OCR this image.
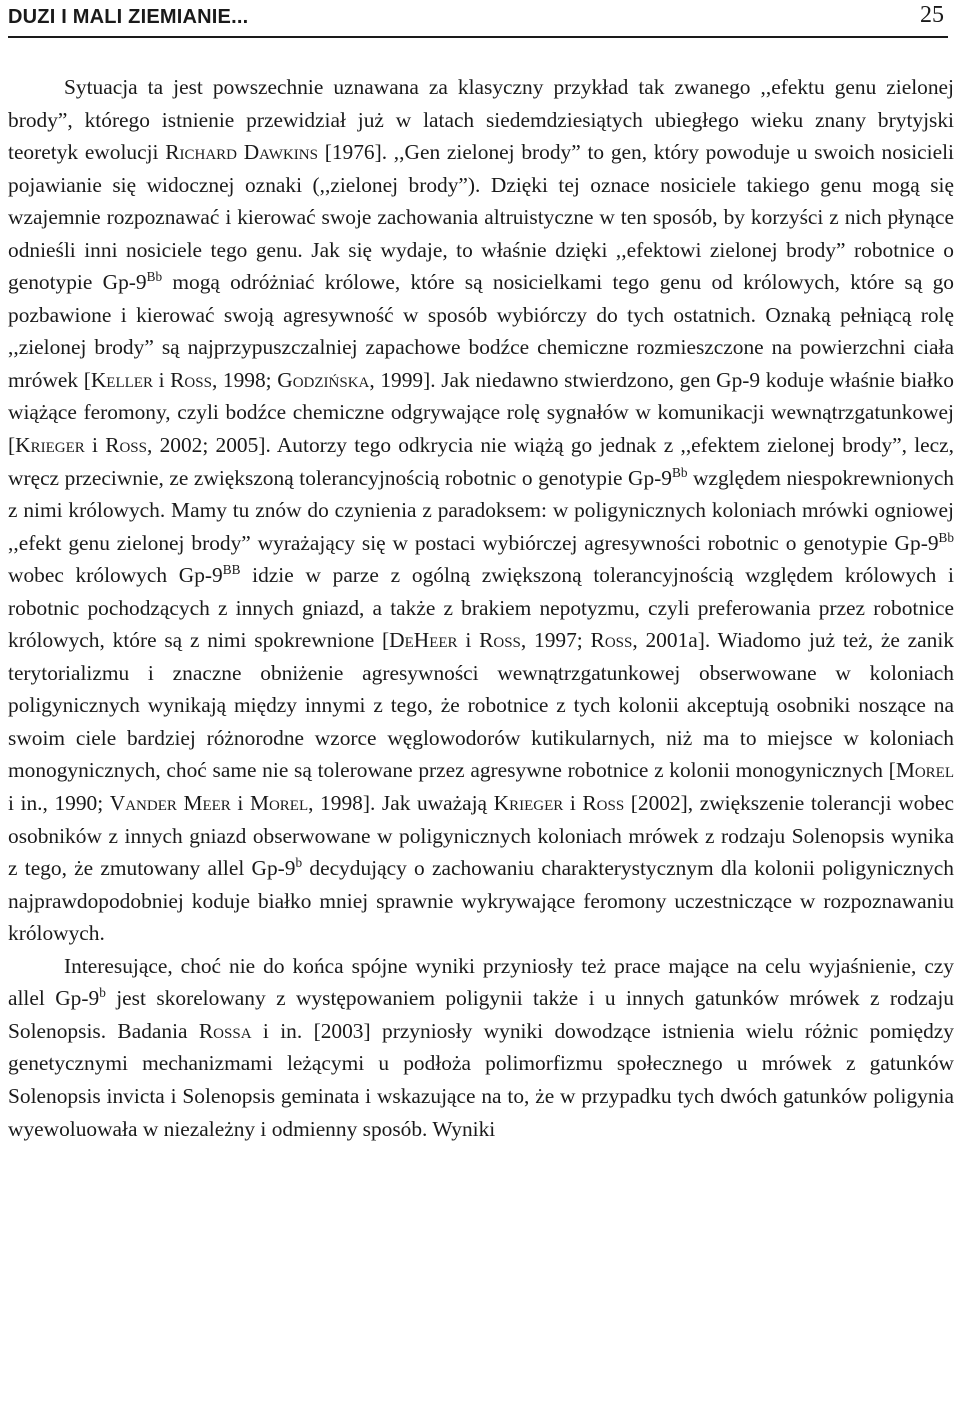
DUZI I MALI ZIEMIANIE...	25

Sytuacja ta jest powszechnie uznawana za klasyczny przykład tak zwanego ,,efektu genu zielonej brody”, którego istnienie przewidział już w latach siedemdziesiątych ubiegłego wieku znany brytyjski teoretyk ewolucji Richard Dawkins [1976]. ,,Gen zielonej brody” to gen, który powoduje u swoich nosicieli pojawianie się widocznej oznaki (,,zielonej brody”). Dzięki tej oznace nosiciele takiego genu mogą się wzajemnie rozpoznawać i kierować swoje zachowania altruistyczne w ten sposób, by korzyści z nich płynące odnieśli inni nosiciele tego genu. Jak się wydaje, to właśnie dzięki ,,efektowi zielonej brody” robotnice o genotypie $Gp-9^{Bb}$ mogą odróżniać królowe, które są nosicielkami tego genu od królowych, które są go pozbawione i kierować swoją agresywność w sposób wybiórczy do tych ostatnich. Oznaką pełniącą rolę ,,zielonej brody” są najprzypuszczalniej zapachowe bodźce chemiczne rozmieszczone na powierzchni ciała mrówek [Keller i Ross, 1998; Godzińska, 1999]. Jak niedawno stwierdzono, gen Gp-9 koduje właśnie białko wiążące feromony, czyli bodźce chemiczne odgrywające rolę sygnałów w komunikacji wewnątrzgatunkowej [Krieger i Ross, 2002; 2005]. Autorzy tego odkrycia nie wiążą go jednak z ,,efektem zielonej brody”, lecz, wręcz przeciwnie, ze zwiększoną tolerancyjnością robotnic o genotypie $Gp-9^{Bb}$ względem niespokrewnionych z nimi królowych. Mamy tu znów do czynienia z paradoksem: w poligynicznych koloniach mrówki ogniowej ,,efekt genu zielonej brody” wyrażający się w postaci wybiórczej agresywności robotnic o genotypie $Gp-9^{Bb}$ wobec królowych $Gp-9^{BB}$ idzie w parze z ogólną zwiększoną tolerancyjnością względem królowych i robotnic pochodzących z innych gniazd, a także z brakiem nepotyzmu, czyli preferowania przez robotnice królowych, które są z nimi spokrewnione [DeHeer i Ross, 1997; Ross, 2001a]. Wiadomo już też, że zanik terytorializmu i znaczne obniżenie agresywności wewnątrzgatunkowej obserwowane w koloniach poligynicznych wynikają między innymi z tego, że robotnice z tych kolonii akceptują osobniki noszące na swoim ciele bardziej różnorodne wzorce węglowodorów kutikularnych, niż ma to miejsce w koloniach monogynicznych, choć same nie są tolerowane przez agresywne robotnice z kolonii monogynicznych [Morel i in., 1990; Vander Meer i Morel, 1998]. Jak uważają Krieger i Ross [2002], zwiększenie tolerancji wobec osobników z innych gniazd obserwowane w poligynicznych koloniach mrówek z rodzaju Solenopsis wynika z tego, że zmutowany allel Gp-9$^b$ decydujący o zachowaniu charakterystycznym dla kolonii poligynicznych najprawdopodobniej koduje białko mniej sprawnie wykrywające feromony uczestniczące w rozpoznawaniu królowych.

Interesujące, choć nie do końca spójne wyniki przyniosły też prace mające na celu wyjaśnienie, czy allel Gp-9$^b$ jest skorelowany z występowaniem poligynii także i u innych gatunków mrówek z rodzaju Solenopsis. Badania Rossa i in. [2003] przyniosły wyniki dowodzące istnienia wielu różnic pomiędzy genetycznymi mechanizmami leżącymi u podłoża polimorfizmu społecznego u mrówek z gatunków Solenopsis invicta i Solenopsis geminata i wskazujące na to, że w przypadku tych dwóch gatunków poligynia wyewoluowała w niezależny i odmienny sposób. Wyniki
